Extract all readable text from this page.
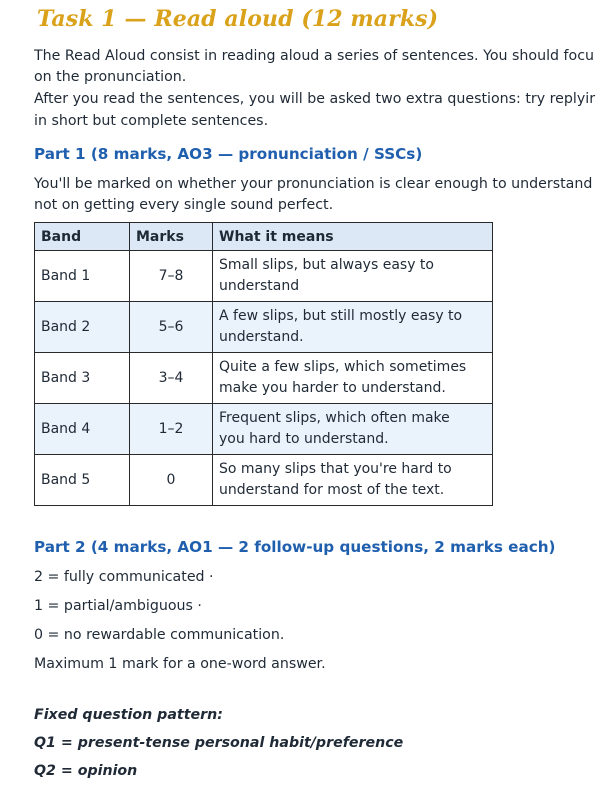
Task 1 — Read aloud (12 marks)

The Read Aloud consist in reading aloud a series of sentences. You should focu

on the pronunciation.

After you read the sentences, you will be asked two extra questions: try replyir

in short but complete sentences.

Part 1 (8 marks, AO3 — pronunciation / SSCs)

You'll be marked on whether your pronunciation is clear enough to understand

not on getting every single sound perfect.

Band	Marks	What it means
Band 1	7–8	Small slips, but always easy to
understand
Band 2	5–6	A few slips, but still mostly easy to
understand.
Band 3	3–4	Quite a few slips, which sometimes
make you harder to understand.
Band 4	1–2	Frequent slips, which often make
you hard to understand.
Band 5	0	So many slips that you're hard to
understand for most of the text.
Part 2 (4 marks, AO1 — 2 follow-up questions, 2 marks each)
2 = fully communicated ·
1 = partial/ambiguous ·
0 = no rewardable communication.
Maximum 1 mark for a one-word answer.

Fixed question pattern:

Q1 = present-tense personal habit/preference

Q2 = opinion
